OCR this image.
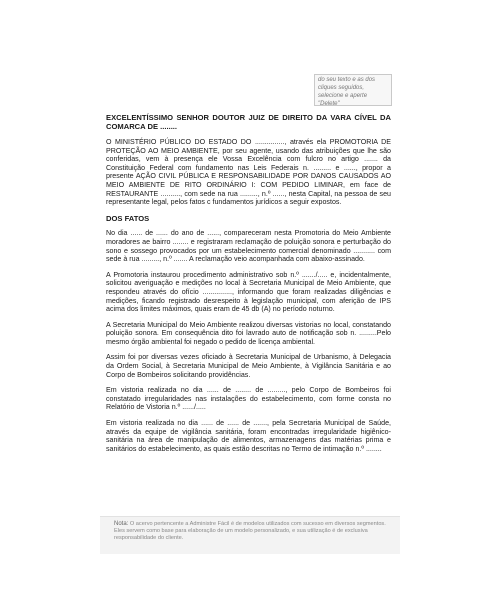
do seu texto e as dos cliques seguidos, selecione e aperte "Delete"
EXCELENTÍSSIMO SENHOR DOUTOR JUIZ DE DIREITO DA VARA CÍVEL DA COMARCA DE ........

O MINISTÉRIO PÚBLICO DO ESTADO DO ..............., através ela PROMOTORIA DE PROTEÇÃO AO MEIO AMBIENTE, por seu agente, usando das atribuições que lhe são conferidas, vem à presença ele Vossa Excelência com fulcro no artigo ....... da Constituição Federal com fundamento nas Leis Federais n. ......... e ......, propor a presente AÇÃO CIVIL PÚBLICA E RESPONSABILIDADE POR DANOS CAUSADOS AO MEIO AMBIENTE DE RITO ORDINÁRIO I: COM PEDIDO LIMINAR, em face de RESTAURANTE .........., com sede na rua ........., n.º ......, nesta Capital, na pessoa de seu representante legal, pelos fatos c fundamentos jurídicos a seguir expostos.

DOS FATOS

No dia ...... de ...... do ano de ......, compareceram nesta Promotoria do Meio Ambiente moradores ae bairro ........ e registraram reclamação de poluição sonora e perturbação do sono e sossego provocados por um estabelecimento comercial denominado ........... com sede à rua ........., n.º ....... A reclamação veio acompanhada com abaixo-assinado.

A Promotoria instaurou procedimento administrativo sob n.º ......./..... e, incidentalmente, solicitou averiguação e medições no local à Secretaria Municipal de Meio Ambiente, que respondeu através do ofício ..............., informando que foram realizadas diligências e medições, ficando registrado desrespeito à legislação municipal, com aferição de IPS acima dos limites máximos, quais eram de 45 db (A) no período noturno.

A Secretaria Municipal do Meio Ambiente realizou diversas vistorias no local, constatando poluição sonora. Em consequência dito foi lavrado auto de notificação sob n. .........Pelo mesmo órgão ambiental foi negado o pedido de licença ambiental.

Assim foi por diversas vezes oficiado à Secretaria Municipal de Urbanismo, à Delegacia da Ordem Social, à Secretaria Municipal de Meio Ambiente, à Vigilância Sanitária e ao Corpo de Bombeiros solicitando providências.

Em vistoria realizada no dia ...... de ........ de ........., pelo Corpo de Bombeiros foi constatado irregularidades nas instalações do estabelecimento, com forme consta no Relatório de Vistoria n.º ....../.....

Em vistoria realizada no dia ...... de ...... de ......., pela Secretaria Municipal de Saúde, através da equipe de vigilância sanitária, foram encontradas irregularidade higiênico-sanitária na área de manipulação de alimentos, armazenagens das matérias prima e sanitários do estabelecimento, as quais estão descritas no Termo de intimação n.º ........

Nota: O acervo pertencente a Administre Fácil é de modelos utilizados com sucesso em diversos segmentos. Eles servem como base para elaboração de um modelo personalizado, e sua utilização é de exclusiva responsabilidade do cliente.
